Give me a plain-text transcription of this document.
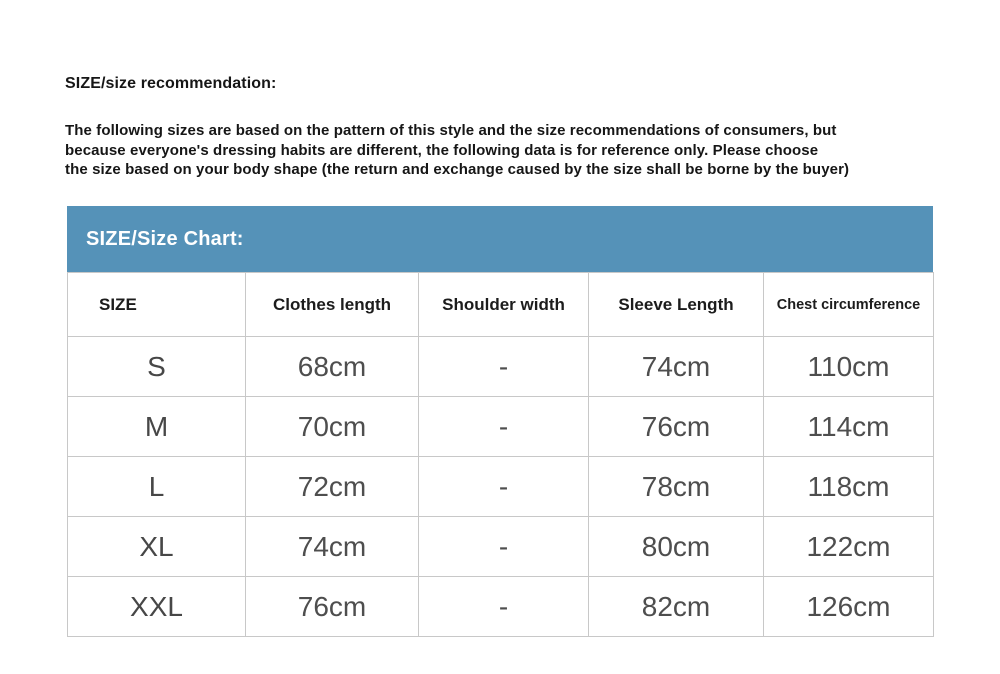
SIZE/size recommendation:
The following sizes are based on the pattern of this style and the size recommendations of consumers, but
because everyone's dressing habits are different, the following data is for reference only. Please choose
the size based on your body shape (the return and exchange caused by the size shall be borne by the buyer)
SIZE/Size Chart:
SIZE	Clothes length	Shoulder width	Sleeve Length	Chest circumference
S	68cm	-	74cm	110cm
M	70cm	-	76cm	114cm
L	72cm	-	78cm	118cm
XL	74cm	-	80cm	122cm
XXL	76cm	-	82cm	126cm
